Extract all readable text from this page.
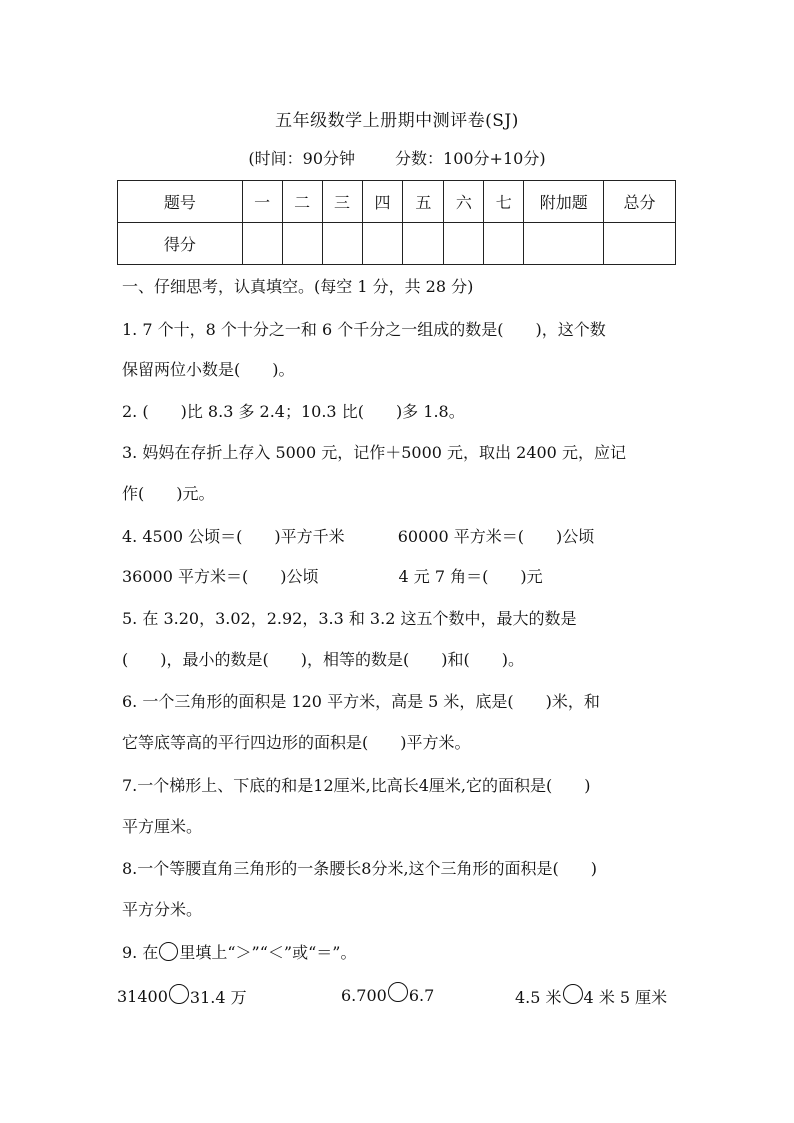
五年级数学上册期中测评卷(SJ)
(时间：90分钟	分数：100分+10分)
题号	一	二	三	四	五	六	七	附加题	总分
得分									
一、仔细思考，认真填空。(每空 1 分，共 28 分)
1. 7 个十，8 个十分之一和 6 个千分之一组成的数是(　　)，这个数
保留两位小数是(　　)。
2. (　　)比 8.3 多 2.4；10.3 比(　　)多 1.8。
3. 妈妈在存折上存入 5000 元，记作＋5000 元，取出 2400 元，应记
作(　　)元。
4. 4500 公顷＝(　　)平方千米　　　 60000 平方米＝(　　)公顷
36000 平方米＝(　　)公顷　　　　　4 元 7 角＝(　　)元
5. 在 3.20，3.02，2.92，3.3 和 3.2 这五个数中，最大的数是
(　　)，最小的数是(　　)，相等的数是(　　)和(　　)。
6. 一个三角形的面积是 120 平方米，高是 5 米，底是(　　)米，和
它等底等高的平行四边形的面积是(　　)平方米。
7.一个梯形上、下底的和是12厘米,比高长4厘米,它的面积是(　　)
平方厘米。
8.一个等腰直角三角形的一条腰长8分米,这个三角形的面积是(　　)
平方分米。
9. 在 里填上“＞”“＜”或“＝”。
31400 31.4 万	6.700 6.7	4.5 米 4 米 5 厘米
